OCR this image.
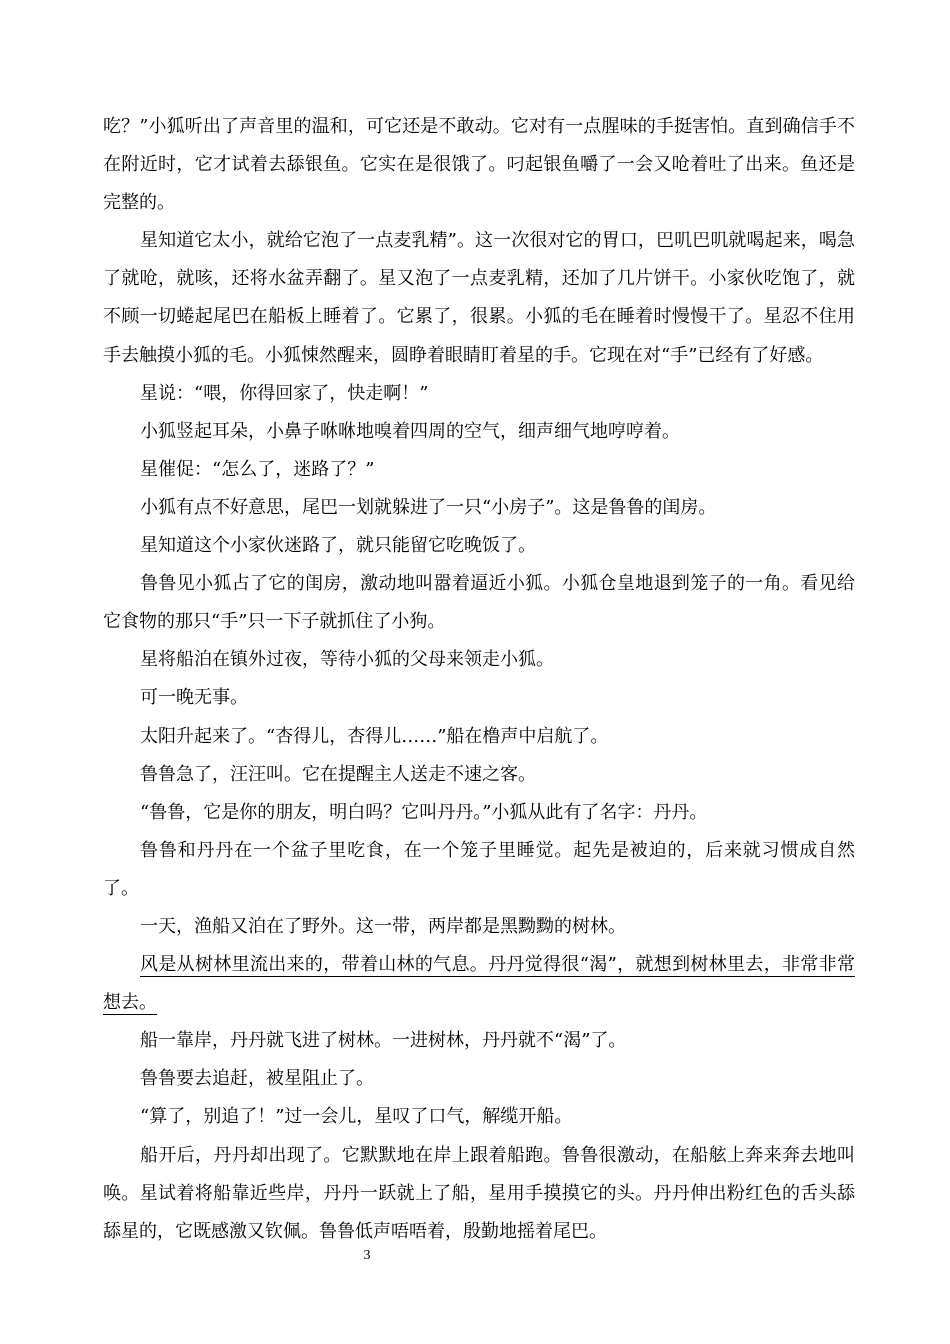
吃？”小狐听出了声音里的温和，可它还是不敢动。它对有一点腥味的手挺害怕。直到确信手不在附近时，它才试着去舔银鱼。它实在是很饿了。叼起银鱼嚼了一会又呛着吐了出来。鱼还是完整的。

星知道它太小，就给它泡了一点麦乳精”。这一次很对它的胃口，巴叽巴叽就喝起来，喝急了就呛，就咳，还将水盆弄翻了。星又泡了一点麦乳精，还加了几片饼干。小家伙吃饱了，就不顾一切蜷起尾巴在船板上睡着了。它累了，很累。小狐的毛在睡着时慢慢干了。星忍不住用手去触摸小狐的毛。小狐悚然醒来，圆睁着眼睛盯着星的手。它现在对“手”已经有了好感。

星说：“喂，你得回家了，快走啊！”

小狐竖起耳朵，小鼻子咻咻地嗅着四周的空气，细声细气地哼哼着。

星催促：“怎么了，迷路了？”

小狐有点不好意思，尾巴一划就躲进了一只“小房子”。这是鲁鲁的闺房。

星知道这个小家伙迷路了，就只能留它吃晚饭了。

鲁鲁见小狐占了它的闺房，激动地叫嚣着逼近小狐。小狐仓皇地退到笼子的一角。看见给它食物的那只“手”只一下子就抓住了小狗。

星将船泊在镇外过夜，等待小狐的父母来领走小狐。

可一晚无事。

太阳升起来了。“杏得儿，杏得儿……”船在橹声中启航了。

鲁鲁急了，汪汪叫。它在提醒主人送走不速之客。

“鲁鲁，它是你的朋友，明白吗？它叫丹丹。”小狐从此有了名字：丹丹。

鲁鲁和丹丹在一个盆子里吃食，在一个笼子里睡觉。起先是被迫的，后来就习惯成自然了。

一天，渔船又泊在了野外。这一带，两岸都是黑黝黝的树林。

风是从树林里流出来的，带着山林的气息。丹丹觉得很“渴”，就想到树林里去，非常非常想去。

船一靠岸，丹丹就飞进了树林。一进树林，丹丹就不“渴”了。

鲁鲁要去追赶，被星阻止了。

“算了，别追了！”过一会儿，星叹了口气，解缆开船。

船开后，丹丹却出现了。它默默地在岸上跟着船跑。鲁鲁很激动，在船舷上奔来奔去地叫唤。星试着将船靠近些岸，丹丹一跃就上了船，星用手摸摸它的头。丹丹伸出粉红色的舌头舔舔星的，它既感激又钦佩。鲁鲁低声唔唔着，殷勤地摇着尾巴。

3
